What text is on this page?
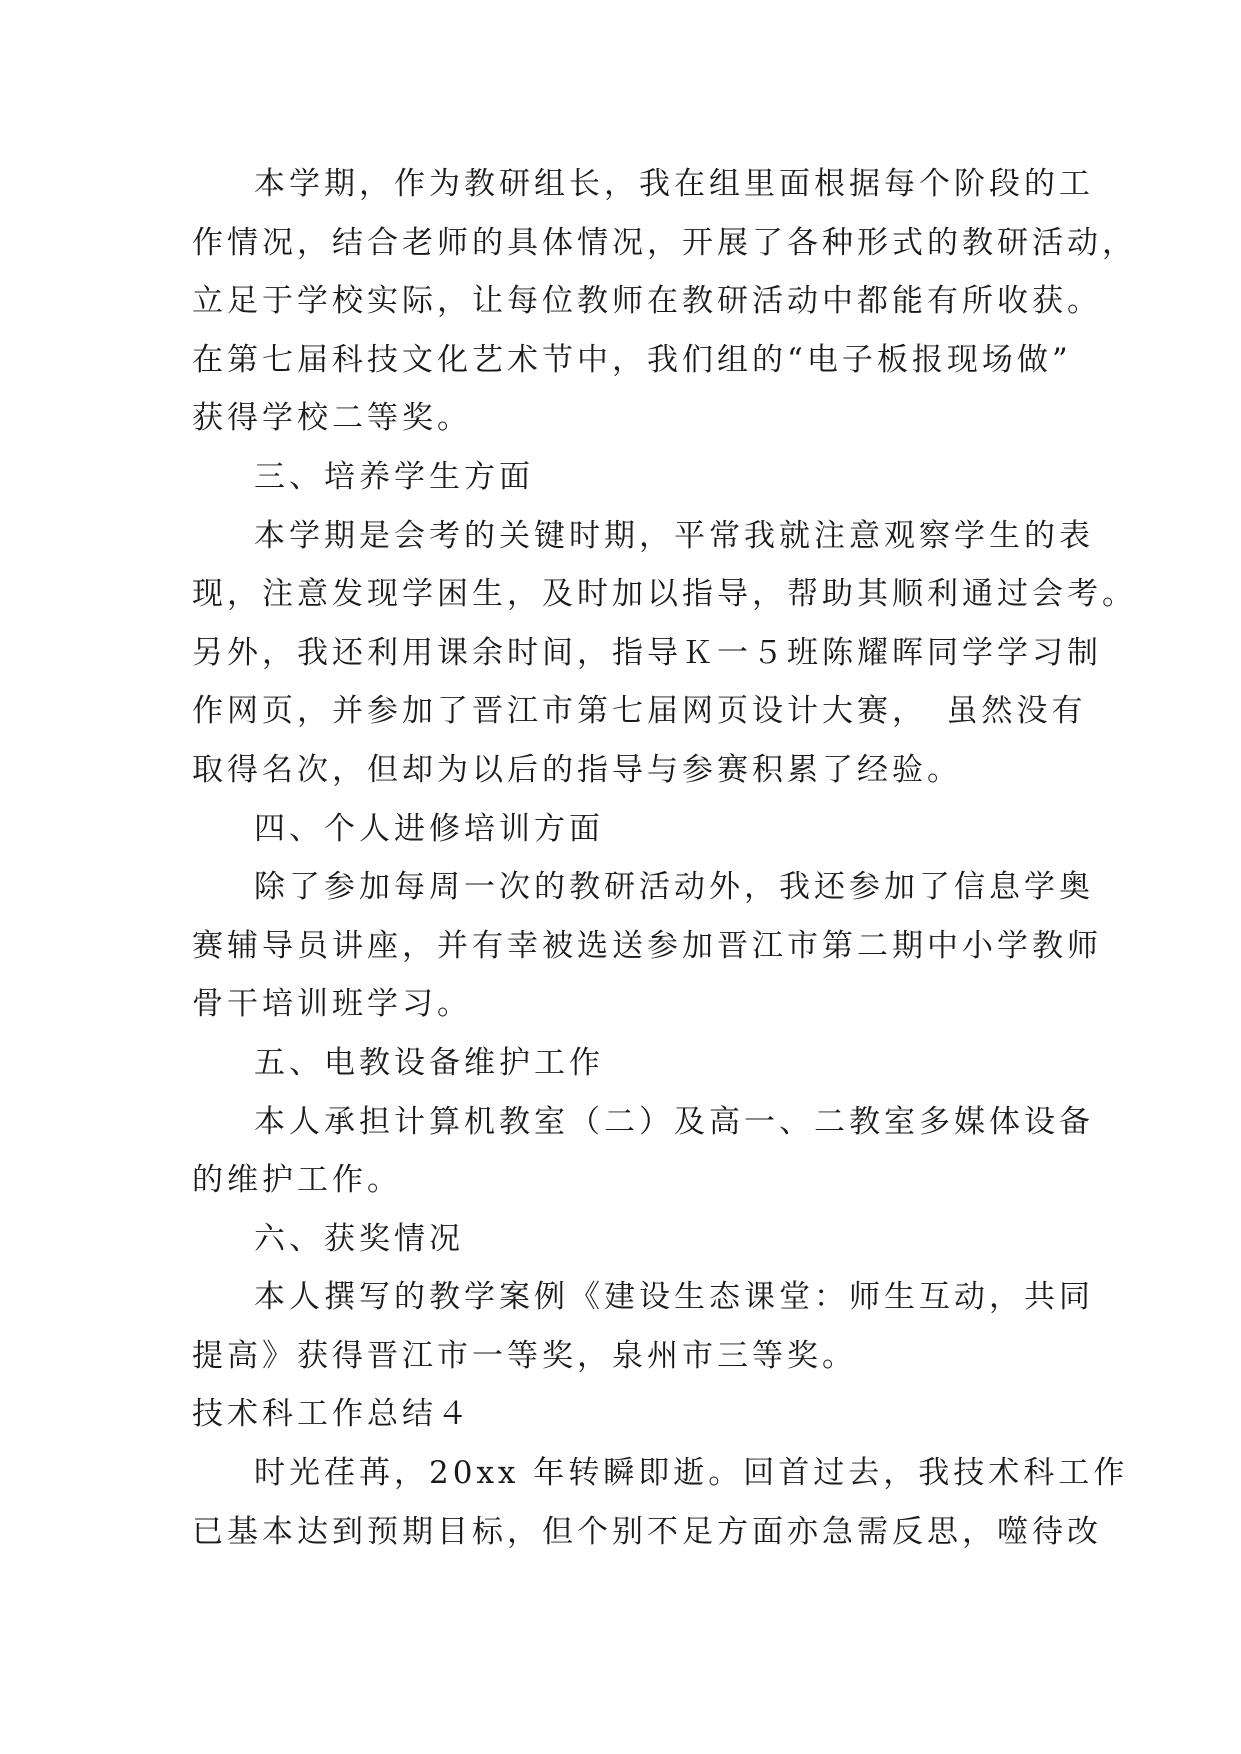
本学期，作为教研组长，我在组里面根据每个阶段的工
作情况，结合老师的具体情况，开展了各种形式的教研活动，
立足于学校实际，让每位教师在教研活动中都能有所收获。
在第七届科技文化艺术节中，我们组的“电子板报现场做”
获得学校二等奖。
三、培养学生方面
本学期是会考的关键时期，平常我就注意观察学生的表
现，注意发现学困生，及时加以指导，帮助其顺利通过会考。
另外，我还利用课余时间，指导Ｋ一５班陈耀晖同学学习制
作网页，并参加了晋江市第七届网页设计大赛，　虽然没有
取得名次，但却为以后的指导与参赛积累了经验。
四、个人进修培训方面
除了参加每周一次的教研活动外，我还参加了信息学奥
赛辅导员讲座，并有幸被选送参加晋江市第二期中小学教师
骨干培训班学习。
五、电教设备维护工作
本人承担计算机教室（二）及高一、二教室多媒体设备
的维护工作。
六、获奖情况
本人撰写的教学案例《建设生态课堂：师生互动，共同
提高》获得晋江市一等奖，泉州市三等奖。
技术科工作总结４
时光荏苒，20xx 年转瞬即逝。回首过去，我技术科工作
已基本达到预期目标，但个别不足方面亦急需反思，噬待改
